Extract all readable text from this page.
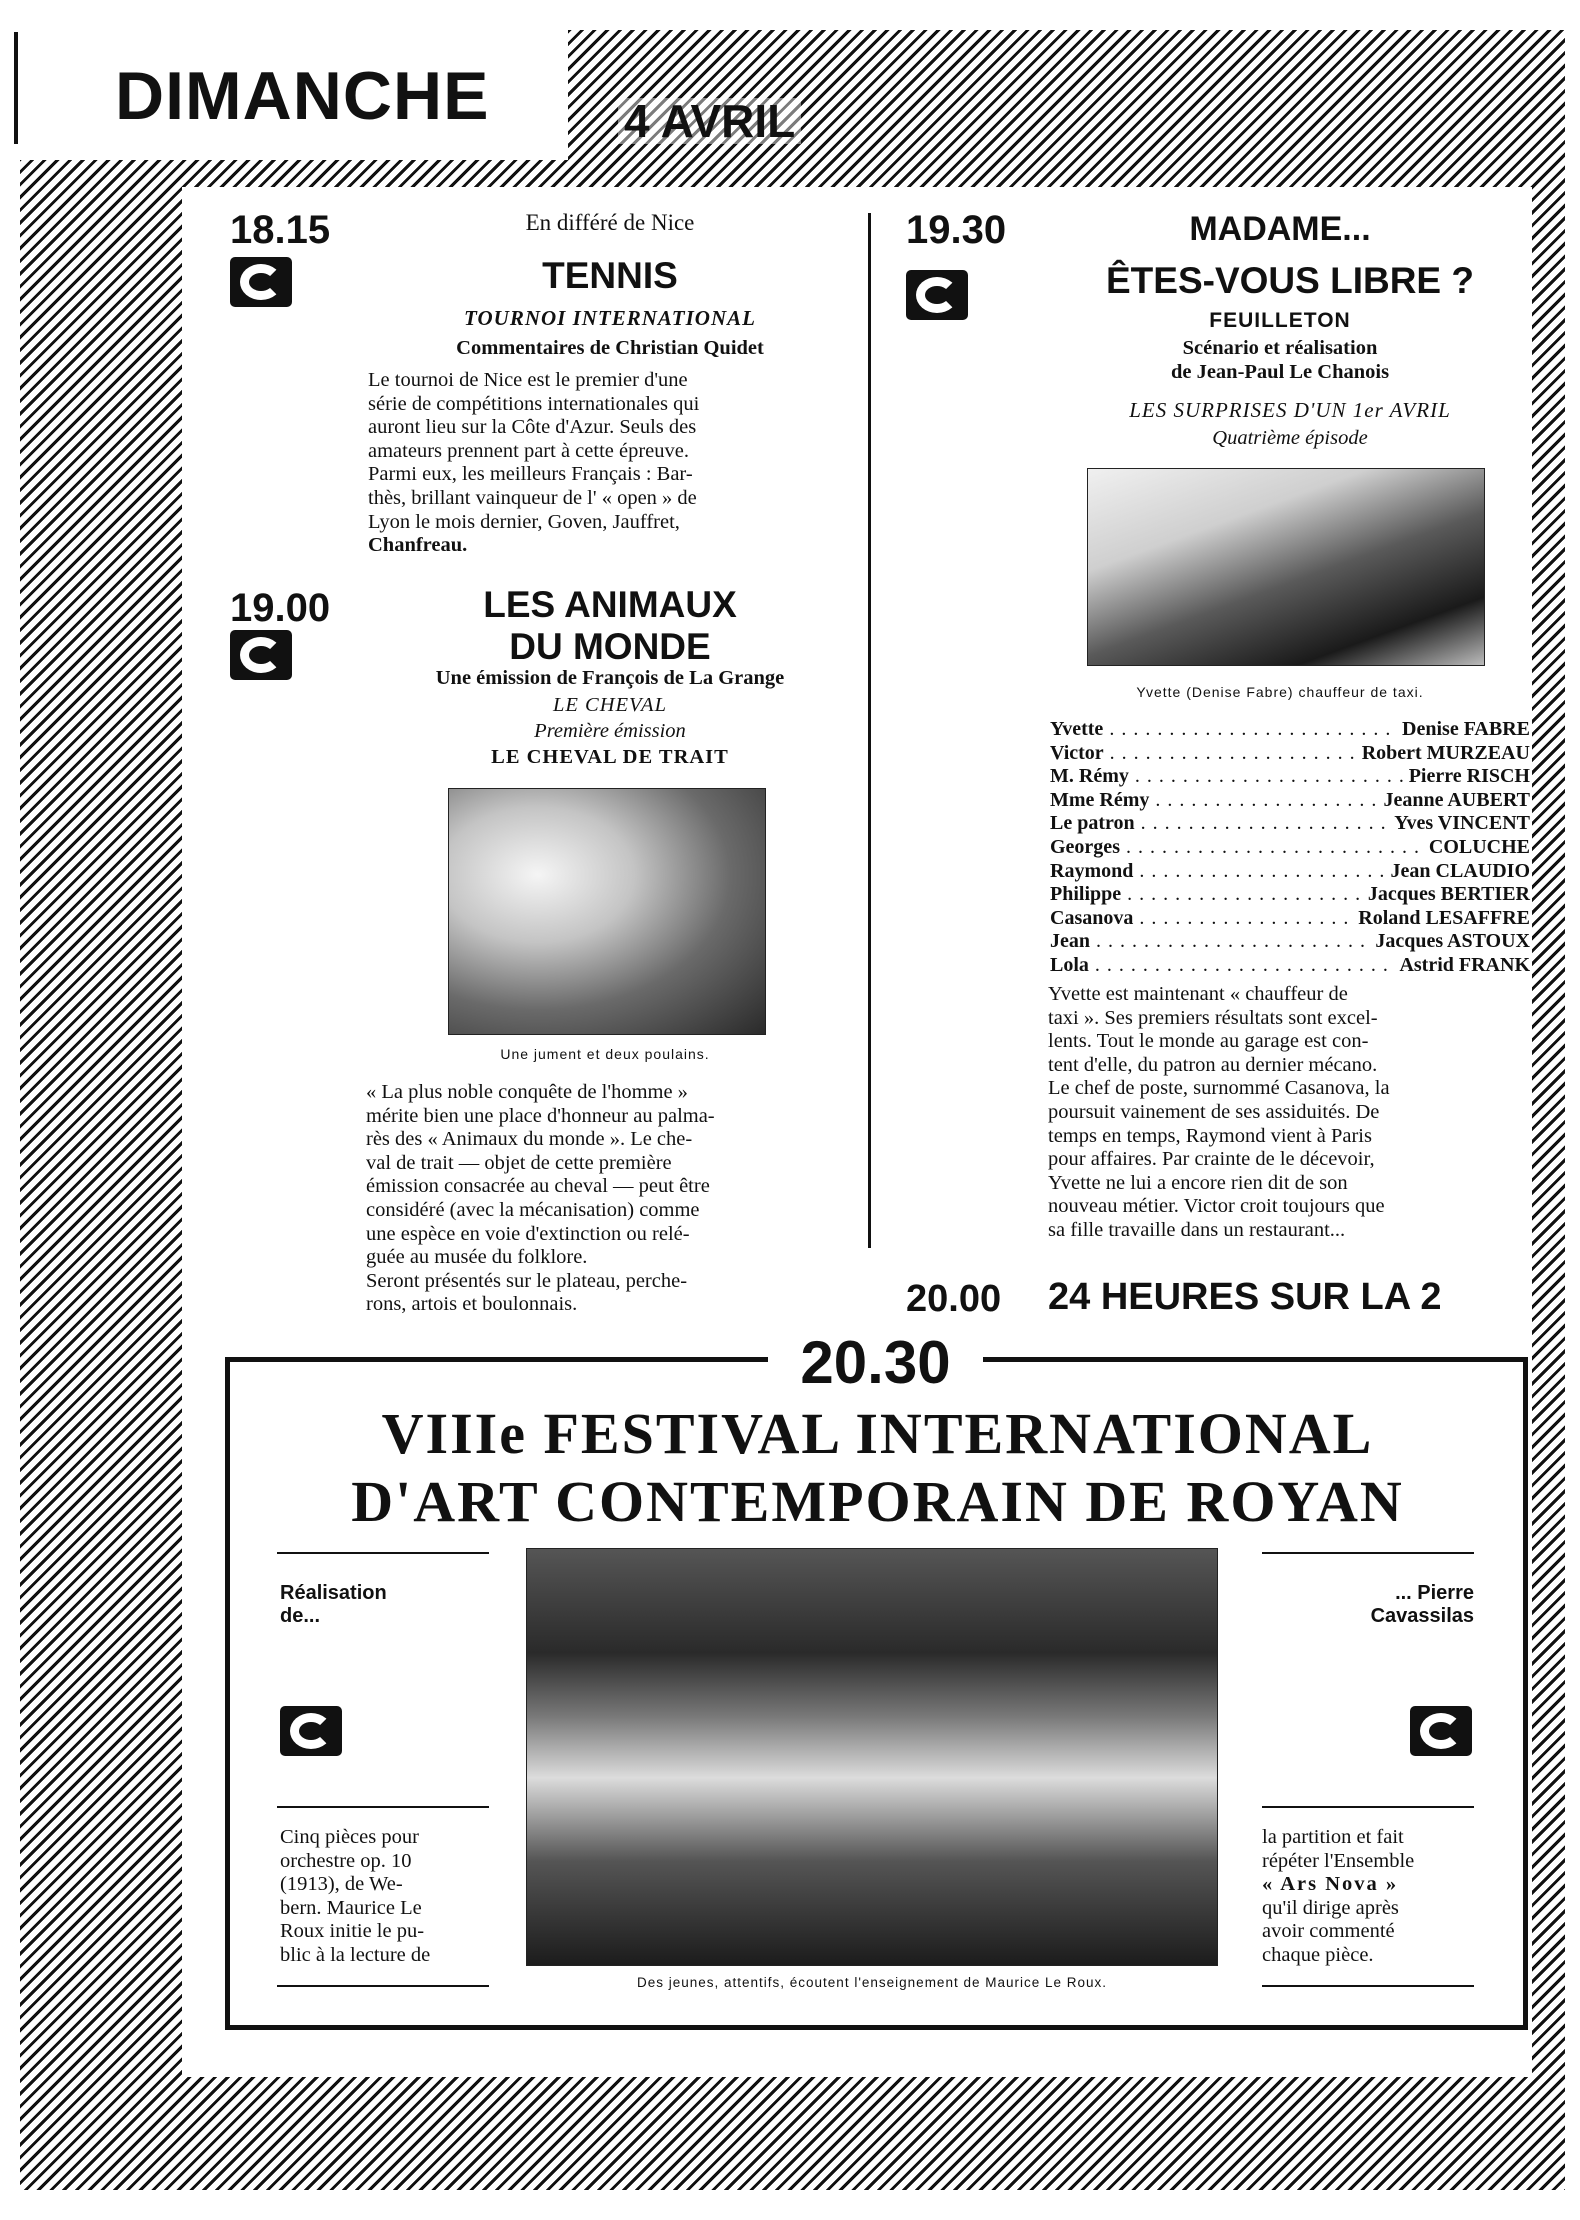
DIMANCHE	4 AVRIL
18.15	En différé de Nice
TENNIS
TOURNOI INTERNATIONAL
Commentaires de Christian Quidet
Le tournoi de Nice est le premier d'une
série de compétitions internationales qui
auront lieu sur la Côte d'Azur. Seuls des
amateurs prennent part à cette épreuve.
Parmi eux, les meilleurs Français : Bar-
thès, brillant vainqueur de l' « open » de
Lyon le mois dernier, Goven, Jauffret,
Chanfreau.
19.00	LES ANIMAUX
DU MONDE
Une émission de François de La Grange
LE CHEVAL
Première émission
LE CHEVAL DE TRAIT
Une jument et deux poulains.
« La plus noble conquête de l'homme »
mérite bien une place d'honneur au palma-
rès des « Animaux du monde ». Le che-
val de trait — objet de cette première
émission consacrée au cheval — peut être
considéré (avec la mécanisation) comme
une espèce en voie d'extinction ou relé-
guée au musée du folklore.
Seront présentés sur le plateau, perche-
rons, artois et boulonnais.
19.30	MADAME...
ÊTES-VOUS LIBRE ?
FEUILLETON
Scénario et réalisation
de Jean-Paul Le Chanois
LES SURPRISES D'UN 1er AVRIL
Quatrième épisode
Yvette (Denise Fabre) chauffeur de taxi.
Yvette . . .	Denise FABRE
Victor . . .	Robert MURZEAU
M. Rémy . . .	Pierre RISCH
Mme Rémy . . .	Jeanne AUBERT
Le patron . . .	Yves VINCENT
Georges . . .	COLUCHE
Raymond . . .	Jean CLAUDIO
Philippe . . .	Jacques BERTIER
Casanova . . .	Roland LESAFFRE
Jean . . .	Jacques ASTOUX
Lola . . .	Astrid FRANK
Yvette est maintenant « chauffeur de
taxi ». Ses premiers résultats sont excel-
lents. Tout le monde au garage est con-
tent d'elle, du patron au dernier mécano.
Le chef de poste, surnommé Casanova, la
poursuit vainement de ses assiduités. De
temps en temps, Raymond vient à Paris
pour affaires. Par crainte de le décevoir,
Yvette ne lui a encore rien dit de son
nouveau métier. Victor croit toujours que
sa fille travaille dans un restaurant...
20.00 24 HEURES SUR LA 2
20.30
VIIIe FESTIVAL INTERNATIONAL
D'ART CONTEMPORAIN DE ROYAN
Réalisation
de...
Cinq pièces pour
orchestre op. 10
(1913), de We-
bern. Maurice Le
Roux initie le pu-
blic à la lecture de
Des jeunes, attentifs, écoutent l'enseignement de Maurice Le Roux.
... Pierre
Cavassilas
la partition et fait
répéter l'Ensemble
« Ars Nova »
qu'il dirige après
avoir commenté
chaque pièce.
